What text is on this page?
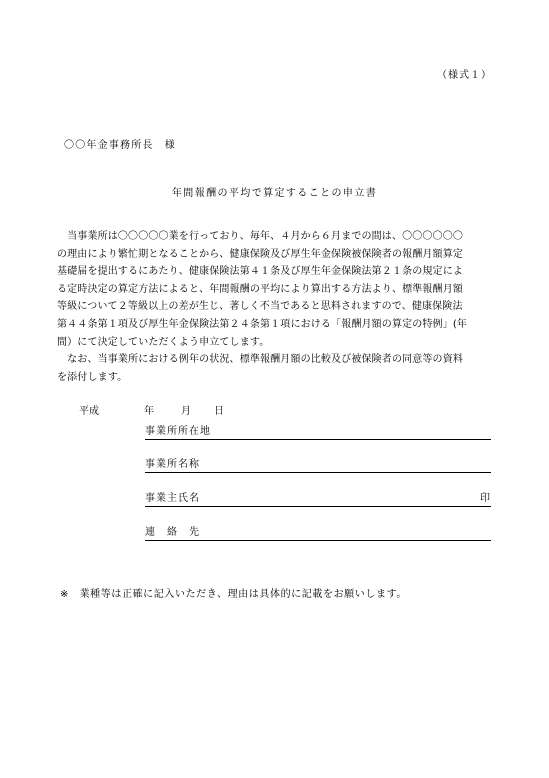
（様式１）
〇〇年金事務所長　様
年間報酬の平均で算定することの申立書
　当事業所は〇〇〇〇〇業を行っており、毎年、４月から６月までの間は、〇〇〇〇〇〇
の理由により繁忙期となることから、健康保険及び厚生年金保険被保険者の報酬月額算定
基礎届を提出するにあたり、健康保険法第４１条及び厚生年金保険法第２１条の規定によ
る定時決定の算定方法によると、年間報酬の平均により算出する方法より、標準報酬月額
等級について２等級以上の差が生じ、著しく不当であると思料されますので、健康保険法
第４４条第１項及び厚生年金保険法第２４条第１項における「報酬月額の算定の特例」(年
間）にて決定していただくよう申立てします。
　なお、当事業所における例年の状況、標準報酬月額の比較及び被保険者の同意等の資料
を添付します。
平成	年	月 日
事業所所在地
事業所名称
事業主氏名	印
連　絡　先
※　業種等は正確に記入いただき、理由は具体的に記載をお願いします。
